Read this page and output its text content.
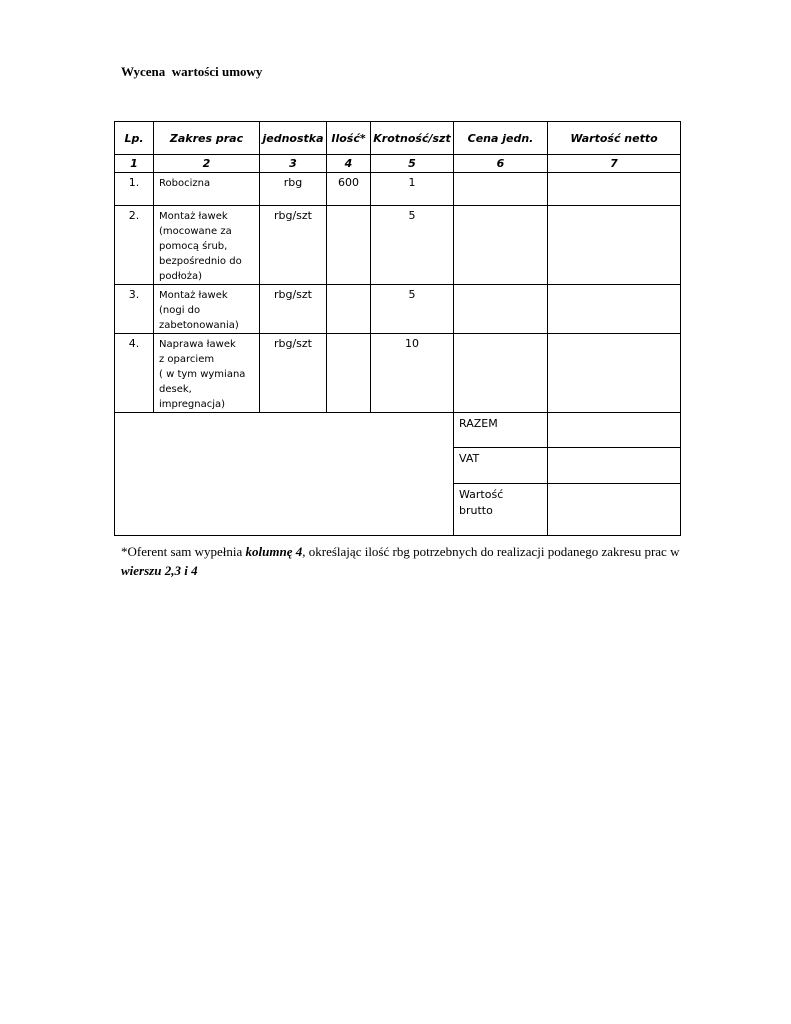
Wycena  wartości umowy
Lp.	Zakres prac	jednostka	Ilość*	Krotność/szt	Cena jedn.	Wartość netto
1	2	3	4	5	6	7
1.	Robocizna	rbg	600	1		
2.	Montaż ławek
(mocowane za
pomocą śrub,
bezpośrednio do
podłoża)	rbg/szt		5		
3.	Montaż ławek
(nogi do
zabetonowania)	rbg/szt		5		
4.	Naprawa ławek
z oparciem
( w tym wymiana
desek,
impregnacja)	rbg/szt		10		

					RAZEM	

					VAT	

					Wartość
brutto	

*Oferent sam wypełnia kolumnę 4, określając ilość rbg potrzebnych do realizacji podanego zakresu prac w wierszu 2,3 i 4
